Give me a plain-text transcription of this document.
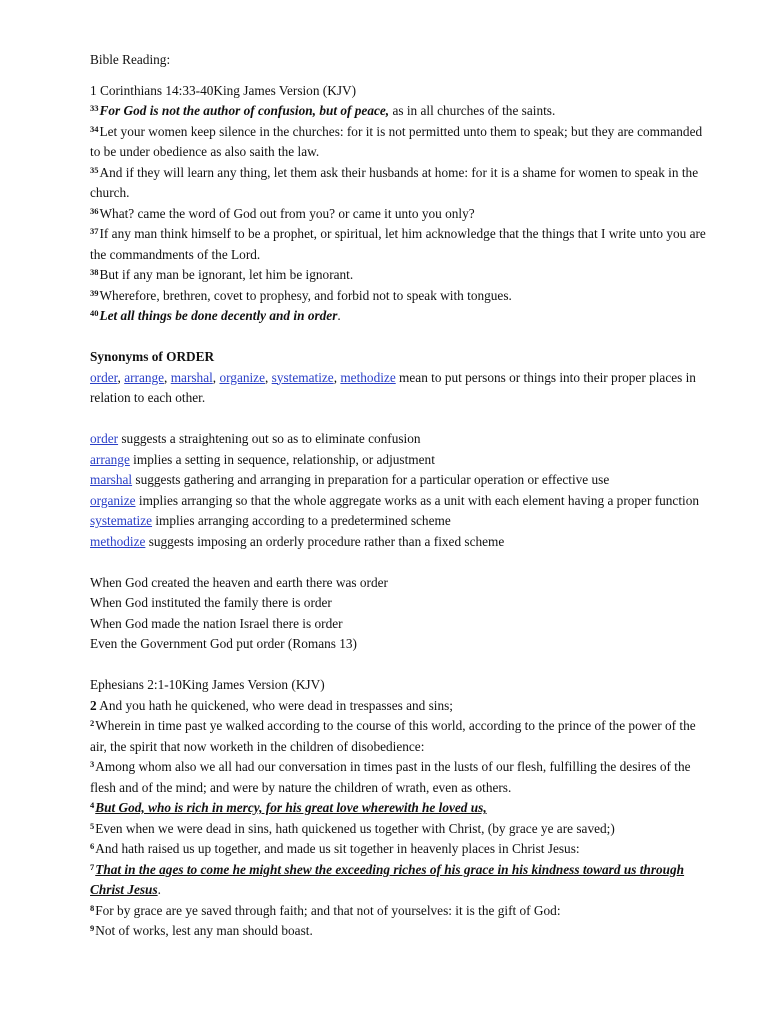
Bible Reading:

1 Corinthians 14:33-40King James Version (KJV)

$^{33}$For God is not the author of confusion, but of peace, as in all churches of the saints.

$^{34}$Let your women keep silence in the churches: for it is not permitted unto them to speak; but they are commanded to be under obedience as also saith the law.

$^{35}$And if they will learn any thing, let them ask their husbands at home: for it is a shame for women to speak in the church.

$^{36}$What? came the word of God out from you? or came it unto you only?

$^{37}$If any man think himself to be a prophet, or spiritual, let him acknowledge that the things that I write unto you are the commandments of the Lord.

$^{38}$But if any man be ignorant, let him be ignorant.

$^{39}$Wherefore, brethren, covet to prophesy, and forbid not to speak with tongues.

$^{40}$Let all things be done decently and in order.

Synonyms of ORDER

order, arrange, marshal, organize, systematize, methodize mean to put persons or things into their proper places in relation to each other.

order suggests a straightening out so as to eliminate confusion

arrange implies a setting in sequence, relationship, or adjustment

marshal suggests gathering and arranging in preparation for a particular operation or effective use

organize implies arranging so that the whole aggregate works as a unit with each element having a proper function

systematize implies arranging according to a predetermined scheme

methodize suggests imposing an orderly procedure rather than a fixed scheme

When God created the heaven and earth there was order

When God instituted the family there is order

When God made the nation Israel there is order

Even the Government God put order (Romans 13)

Ephesians 2:1-10King James Version (KJV)

2 And you hath he quickened, who were dead in trespasses and sins;

$^2$Wherein in time past ye walked according to the course of this world, according to the prince of the power of the air, the spirit that now worketh in the children of disobedience:

$^3$Among whom also we all had our conversation in times past in the lusts of our flesh, fulfilling the desires of the flesh and of the mind; and were by nature the children of wrath, even as others.

$^4$But God, who is rich in mercy, for his great love wherewith he loved us,

$^5$Even when we were dead in sins, hath quickened us together with Christ, (by grace ye are saved;)

$^6$And hath raised us up together, and made us sit together in heavenly places in Christ Jesus:

$^7$That in the ages to come he might shew the exceeding riches of his grace in his kindness toward us through Christ Jesus.

$^8$For by grace are ye saved through faith; and that not of yourselves: it is the gift of God:

$^9$Not of works, lest any man should boast.
